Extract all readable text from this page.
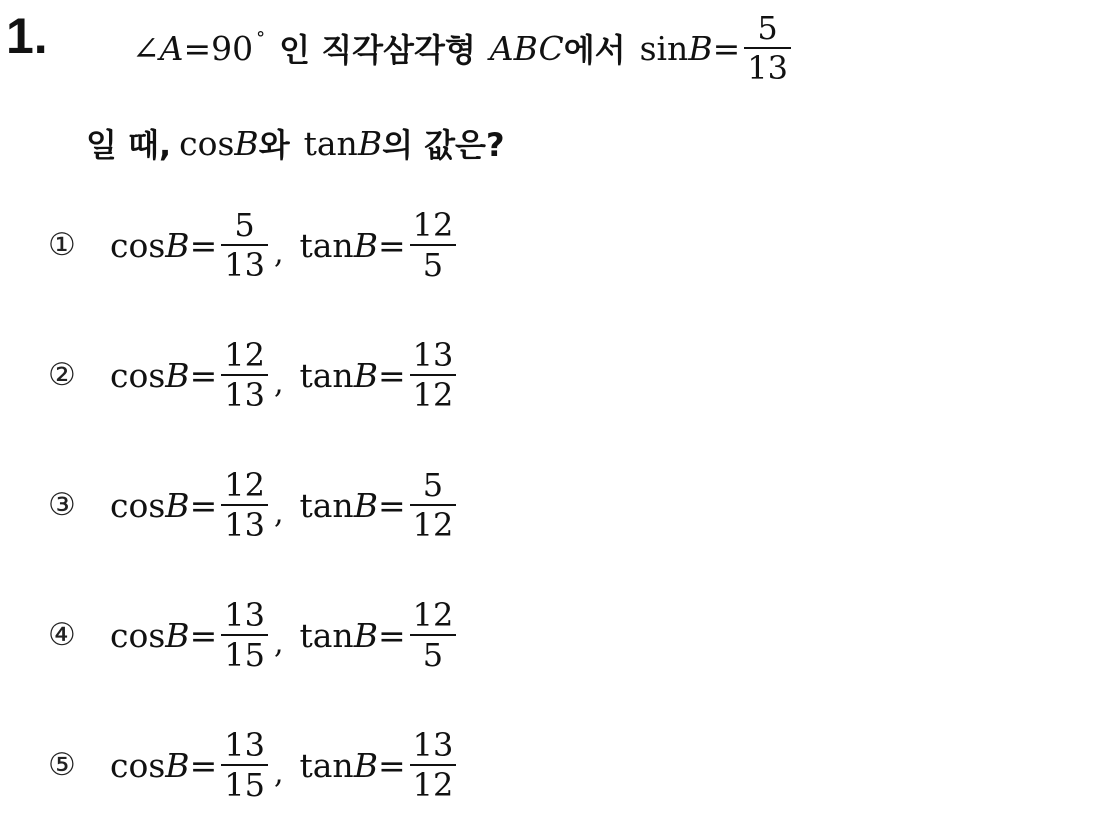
1.	∠ A = 90 ° 인 직각삼각형 ABC 에서 $\sin B = \frac{5}{13}$
일 때, cos B 와 tan B 의 값은?
①	$\cos B = \frac{5}{13}$ , $\tan B = \frac{12}{5}$
②	$\cos B = \frac{12}{13}$ , $\tan B = \frac{13}{12}$
③	$\cos B = \frac{12}{13}$ , $\tan B = \frac{5}{12}$
④	$\cos B = \frac{13}{15}$ , $\tan B = \frac{12}{5}$
⑤	$\cos B = \frac{13}{15}$ , $\tan B = \frac{13}{12}$
